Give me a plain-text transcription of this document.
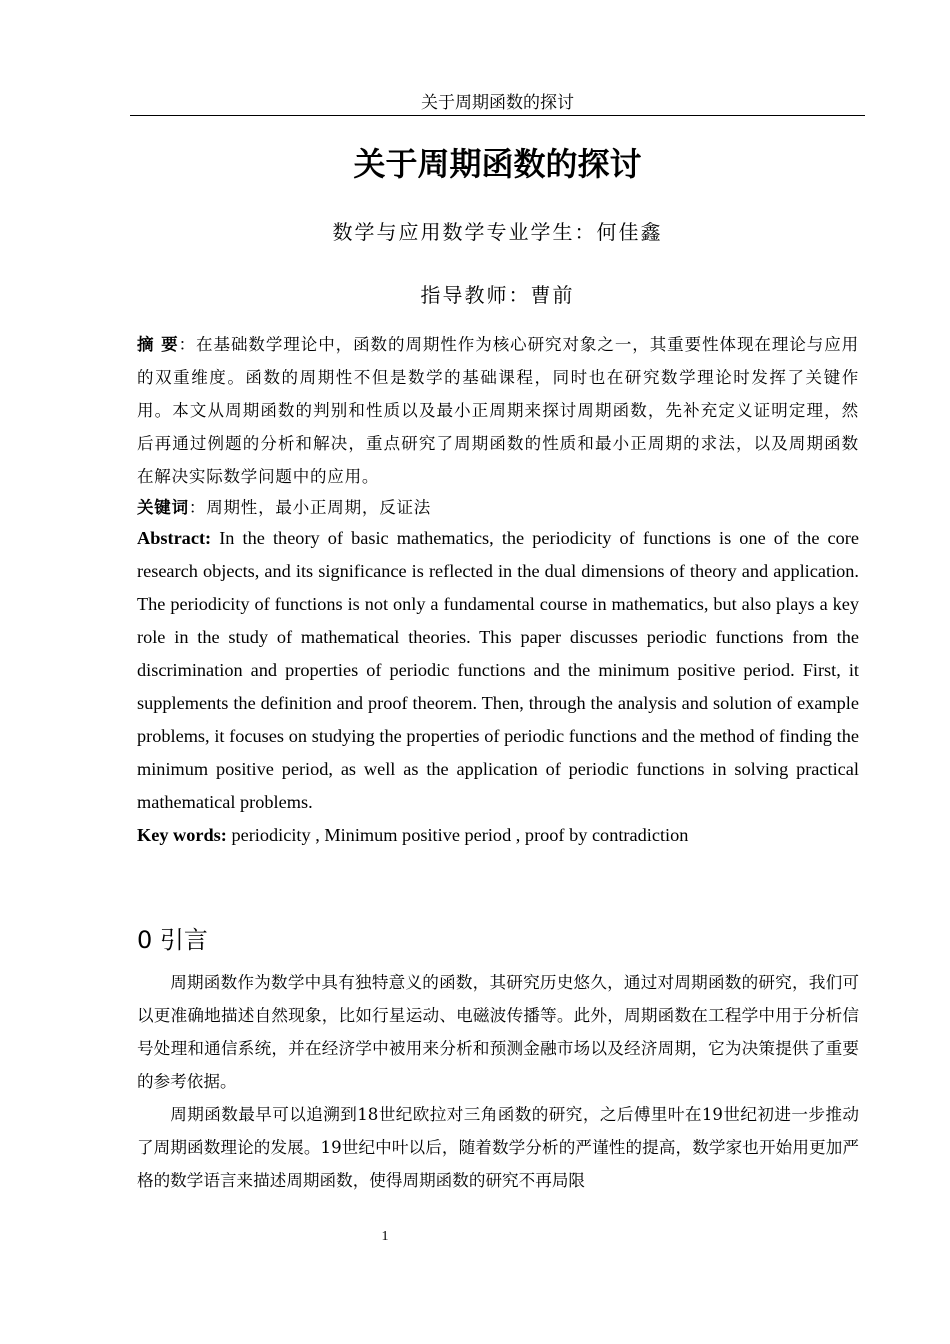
关于周期函数的探讨
关于周期函数的探讨
数学与应用数学专业学生：何佳鑫
指导教师：曹前
摘 要：在基础数学理论中，函数的周期性作为核心研究对象之一，其重要性体现在理论与应用的双重维度。函数的周期性不但是数学的基础课程，同时也在研究数学理论时发挥了关键作用。本文从周期函数的判别和性质以及最小正周期来探讨周期函数，先补充定义证明定理，然后再通过例题的分析和解决，重点研究了周期函数的性质和最小正周期的求法，以及周期函数在解决实际数学问题中的应用。
关键词：周期性，最小正周期，反证法
Abstract: In the theory of basic mathematics, the periodicity of functions is one of the core research objects, and its significance is reflected in the dual dimensions of theory and application. The periodicity of functions is not only a fundamental course in mathematics, but also plays a key role in the study of mathematical theories. This paper discusses periodic functions from the discrimination and properties of periodic functions and the minimum positive period. First, it supplements the definition and proof theorem. Then, through the analysis and solution of example problems, it focuses on studying the properties of periodic functions and the method of finding the minimum positive period, as well as the application of periodic functions in solving practical mathematical problems.
Key words: periodicity , Minimum positive period , proof by contradiction
0 引言
周期函数作为数学中具有独特意义的函数，其研究历史悠久，通过对周期函数的研究，我们可以更准确地描述自然现象，比如行星运动、电磁波传播等。此外，周期函数在工程学中用于分析信号处理和通信系统，并在经济学中被用来分析和预测金融市场以及经济周期，它为决策提供了重要的参考依据。
周期函数最早可以追溯到18世纪欧拉对三角函数的研究，之后傅里叶在19世纪初进一步推动了周期函数理论的发展。19世纪中叶以后，随着数学分析的严谨性的提高，数学家也开始用更加严格的数学语言来描述周期函数，使得周期函数的研究不再局限
1
